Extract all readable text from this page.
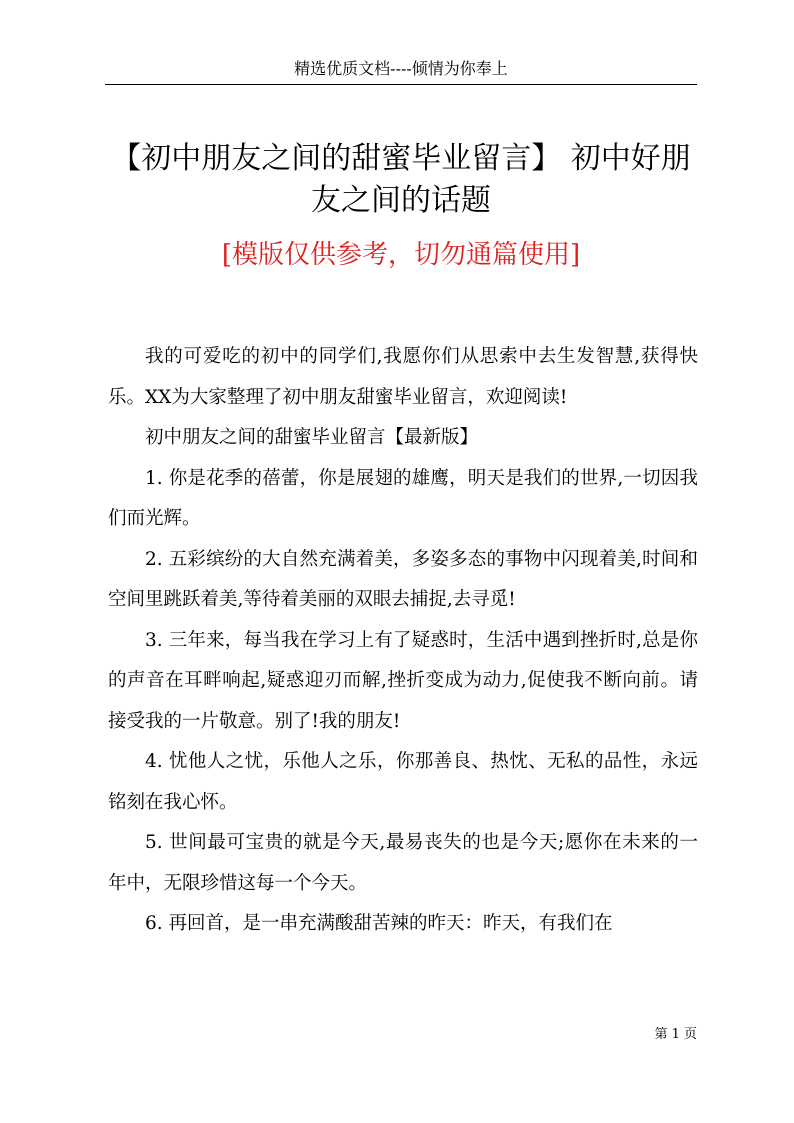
精选优质文档----倾情为你奉上
【初中朋友之间的甜蜜毕业留言】 初中好朋友之间的话题
[模版仅供参考，切勿通篇使用]

我的可爱吃的初中的同学们,我愿你们从思索中去生发智慧,获得快乐。XX为大家整理了初中朋友甜蜜毕业留言，欢迎阅读!

初中朋友之间的甜蜜毕业留言【最新版】

1. 你是花季的蓓蕾，你是展翅的雄鹰，明天是我们的世界,一切因我们而光辉。

2. 五彩缤纷的大自然充满着美，多姿多态的事物中闪现着美,时间和空间里跳跃着美,等待着美丽的双眼去捕捉,去寻觅!

3. 三年来，每当我在学习上有了疑惑时，生活中遇到挫折时,总是你的声音在耳畔响起,疑惑迎刃而解,挫折变成为动力,促使我不断向前。请接受我的一片敬意。别了!我的朋友!

4. 忧他人之忧，乐他人之乐，你那善良、热忱、无私的品性，永远铭刻在我心怀。

5. 世间最可宝贵的就是今天,最易丧失的也是今天;愿你在未来的一年中，无限珍惜这每一个今天。

6. 再回首，是一串充满酸甜苦辣的昨天：昨天，有我们在

第 1 页
